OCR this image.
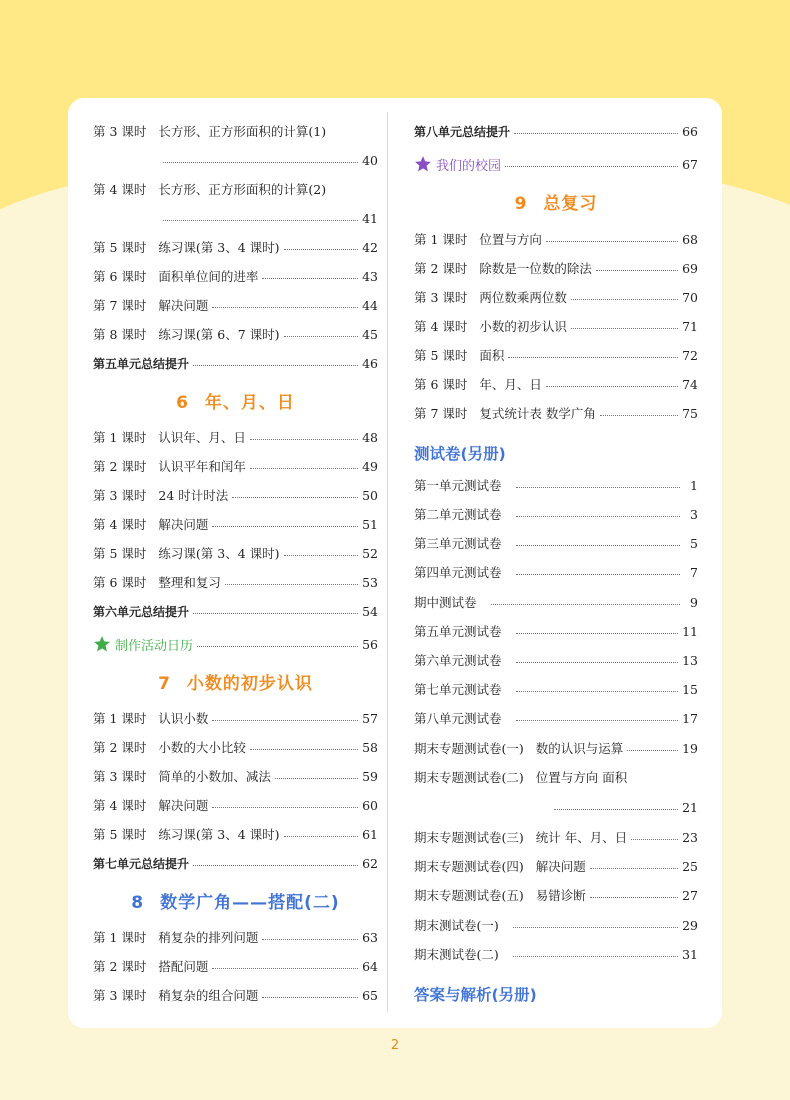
第 3 课时 长方形、正方形面积的计算(1)
40
第 4 课时 长方形、正方形面积的计算(2)
41
第 5 课时 练习课(第 3、4 课时)	42
第 6 课时 面积单位间的进率	43
第 7 课时 解决问题	44
第 8 课时 练习课(第 6、7 课时)	45
第五单元总结提升	46
6 年、月、日
第 1 课时 认识年、月、日	48
第 2 课时 认识平年和闰年	49
第 3 课时 24 时计时法	50
第 4 课时 解决问题	51
第 5 课时 练习课(第 3、4 课时)	52
第 6 课时 整理和复习	53
第六单元总结提升	54
制作活动日历	56
7 小数的初步认识
第 1 课时 认识小数	57
第 2 课时 小数的大小比较	58
第 3 课时 简单的小数加、减法	59
第 4 课时 解决问题	60
第 5 课时 练习课(第 3、4 课时)	61
第七单元总结提升	62
8 数学广角——搭配(二)
第 1 课时 稍复杂的排列问题	63
第 2 课时 搭配问题	64
第 3 课时 稍复杂的组合问题	65
第八单元总结提升	66
我们的校园	67
9 总复习
第 1 课时 位置与方向	68
第 2 课时 除数是一位数的除法	69
第 3 课时 两位数乘两位数	70
第 4 课时 小数的初步认识	71
第 5 课时 面积	72
第 6 课时 年、月、日	74
第 7 课时 复式统计表 数学广角	75
测试卷(另册)
第一单元测试卷	1
第二单元测试卷	3
第三单元测试卷	5
第四单元测试卷	7
期中测试卷	9
第五单元测试卷	11
第六单元测试卷	13
第七单元测试卷	15
第八单元测试卷	17
期末专题测试卷(一) 数的认识与运算	19
期末专题测试卷(二) 位置与方向 面积
21
期末专题测试卷(三) 统计 年、月、日	23
期末专题测试卷(四) 解决问题	25
期末专题测试卷(五) 易错诊断	27
期末测试卷(一)	29
期末测试卷(二)	31
答案与解析(另册)
2
